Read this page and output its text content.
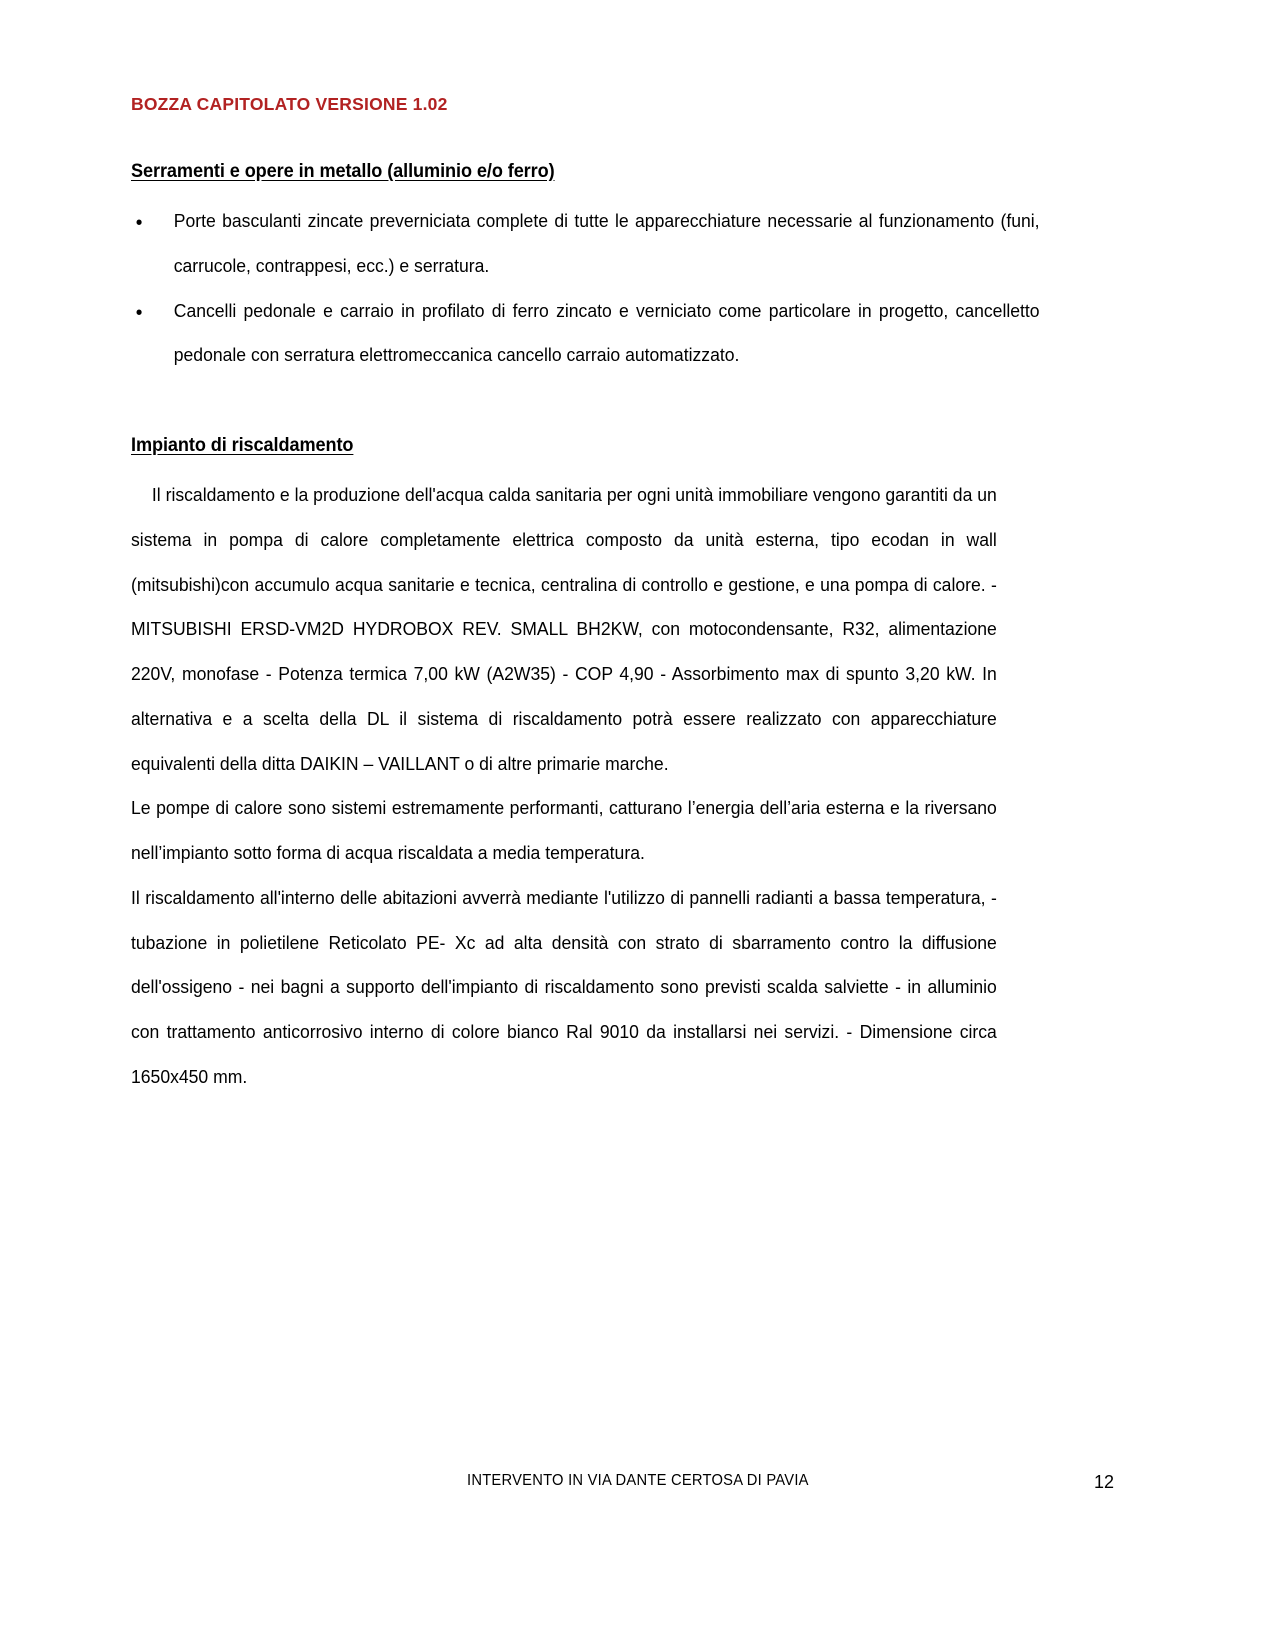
BOZZA CAPITOLATO VERSIONE 1.02
Serramenti e opere in metallo (alluminio e/o ferro)
• Porte basculanti zincate preverniciata complete di tutte le apparecchiature necessarie al funzionamento (funi, carrucole, contrappesi, ecc.) e serratura.
• Cancelli pedonale e carraio in profilato di ferro zincato e verniciato come particolare in progetto, cancelletto pedonale con serratura elettromeccanica cancello carraio automatizzato.
Impianto di riscaldamento

Il riscaldamento e la produzione dell'acqua calda sanitaria per ogni unità immobiliare vengono garantiti da un sistema in pompa di calore completamente elettrica composto da unità esterna, tipo ecodan in wall (mitsubishi)con accumulo acqua sanitarie e tecnica, centralina di controllo e gestione, e una pompa di calore. - MITSUBISHI ERSD-VM2D HYDROBOX REV. SMALL BH2KW, con motocondensante, R32, alimentazione 220V, monofase - Potenza termica 7,00 kW (A2W35) - COP 4,90 - Assorbimento max di spunto 3,20 kW. In alternativa e a scelta della DL il sistema di riscaldamento potrà essere realizzato con apparecchiature equivalenti della ditta DAIKIN – VAILLANT o di altre primarie marche.

Le pompe di calore sono sistemi estremamente performanti, catturano l’energia dell’aria esterna e la riversano nell’impianto sotto forma di acqua riscaldata a media temperatura.

Il riscaldamento all'interno delle abitazioni avverrà mediante l'utilizzo di pannelli radianti a bassa temperatura, - tubazione in polietilene Reticolato PE- Xc ad alta densità con strato di sbarramento contro la diffusione dell'ossigeno - nei bagni a supporto dell'impianto di riscaldamento sono previsti scalda salviette - in alluminio con trattamento anticorrosivo interno di colore bianco Ral 9010 da installarsi nei servizi. - Dimensione circa 1650x450 mm.

INTERVENTO IN VIA DANTE CERTOSA DI PAVIA	12
